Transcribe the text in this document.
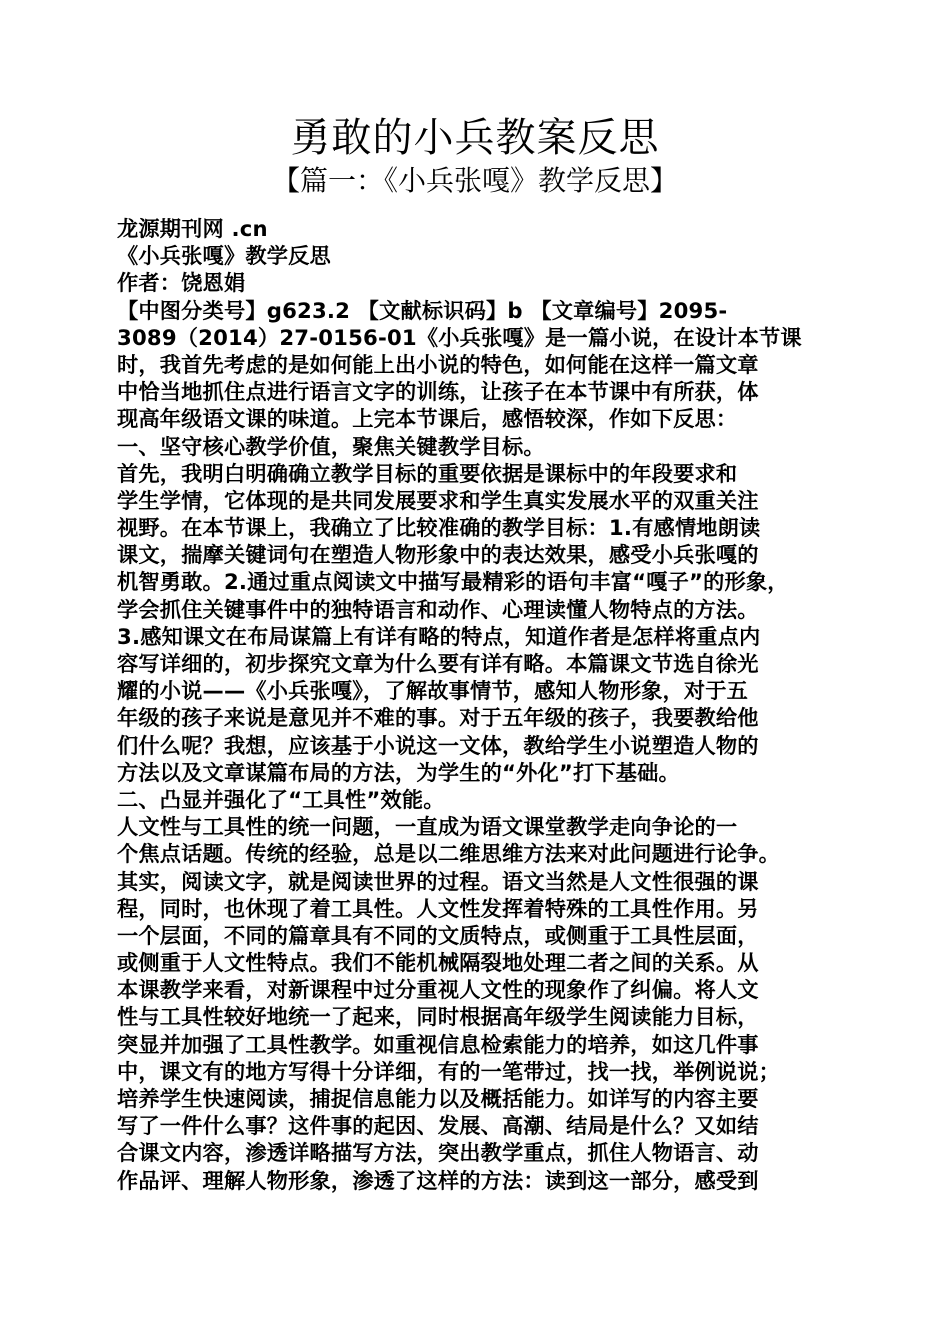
勇敢的小兵教案反思
【篇一：《小兵张嘎》教学反思】
龙源期刊网 .cn
《小兵张嘎》教学反思
作者：饶恩娟
【中图分类号】g623.2 【文献标识码】b 【文章编号】2095-
3089（2014）27-0156-01《小兵张嘎》是一篇小说，在设计本节课
时，我首先考虑的是如何能上出小说的特色，如何能在这样一篇文章
中恰当地抓住点进行语言文字的训练，让孩子在本节课中有所获，体
现高年级语文课的味道。上完本节课后，感悟较深，作如下反思：
一、坚守核心教学价值，聚焦关键教学目标。
首先，我明白明确确立教学目标的重要依据是课标中的年段要求和
学生学情，它体现的是共同发展要求和学生真实发展水平的双重关注
视野。在本节课上，我确立了比较准确的教学目标：1.有感情地朗读
课文，揣摩关键词句在塑造人物形象中的表达效果，感受小兵张嘎的
机智勇敢。2.通过重点阅读文中描写最精彩的语句丰富“嘎子”的形象，
学会抓住关键事件中的独特语言和动作、心理读懂人物特点的方法。
3.感知课文在布局谋篇上有详有略的特点，知道作者是怎样将重点内
容写详细的，初步探究文章为什么要有详有略。本篇课文节选自徐光
耀的小说——《小兵张嘎》，了解故事情节，感知人物形象，对于五
年级的孩子来说是意见并不难的事。对于五年级的孩子，我要教给他
们什么呢？我想，应该基于小说这一文体，教给学生小说塑造人物的
方法以及文章谋篇布局的方法，为学生的“外化”打下基础。
二、凸显并强化了“工具性”效能。
人文性与工具性的统一问题，一直成为语文课堂教学走向争论的一
个焦点话题。传统的经验，总是以二维思维方法来对此问题进行论争。
其实，阅读文字，就是阅读世界的过程。语文当然是人文性很强的课
程，同时，也休现了着工具性。人文性发挥着特殊的工具性作用。另
一个层面，不同的篇章具有不同的文质特点，或侧重于工具性层面，
或侧重于人文性特点。我们不能机械隔裂地处理二者之间的关系。从
本课教学来看，对新课程中过分重视人文性的现象作了纠偏。将人文
性与工具性较好地统一了起来，同时根据高年级学生阅读能力目标，
突显并加强了工具性教学。如重视信息检索能力的培养，如这几件事
中，课文有的地方写得十分详细，有的一笔带过，找一找，举例说说；
培养学生快速阅读，捕捉信息能力以及概括能力。如详写的内容主要
写了一件什么事？这件事的起因、发展、高潮、结局是什么？又如结
合课文内容，渗透详略描写方法，突出教学重点，抓住人物语言、动
作品评、理解人物形象，渗透了这样的方法：读到这一部分，感受到
